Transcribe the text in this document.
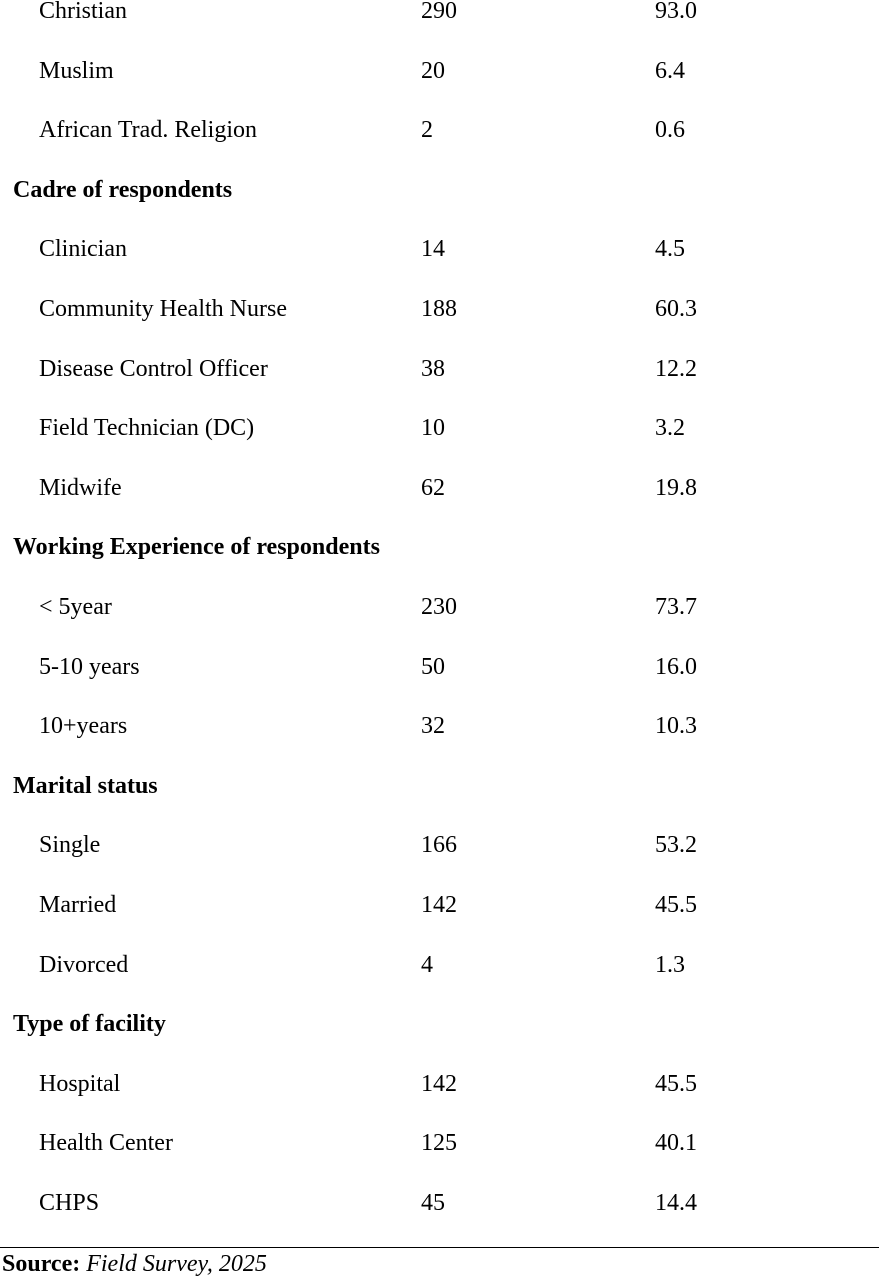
Christian	290	93.0
Muslim	20	6.4
African Trad. Religion	2	0.6
Cadre of respondents
Clinician	14	4.5
Community Health Nurse	188	60.3
Disease Control Officer	38	12.2
Field Technician (DC)	10	3.2
Midwife	62	19.8
Working Experience of respondents
< 5year	230	73.7
5-10 years	50	16.0
10+years	32	10.3
Marital status
Single	166	53.2
Married	142	45.5
Divorced	4	1.3
Type of facility
Hospital	142	45.5
Health Center	125	40.1
CHPS	45	14.4
Source: Field Survey, 2025
